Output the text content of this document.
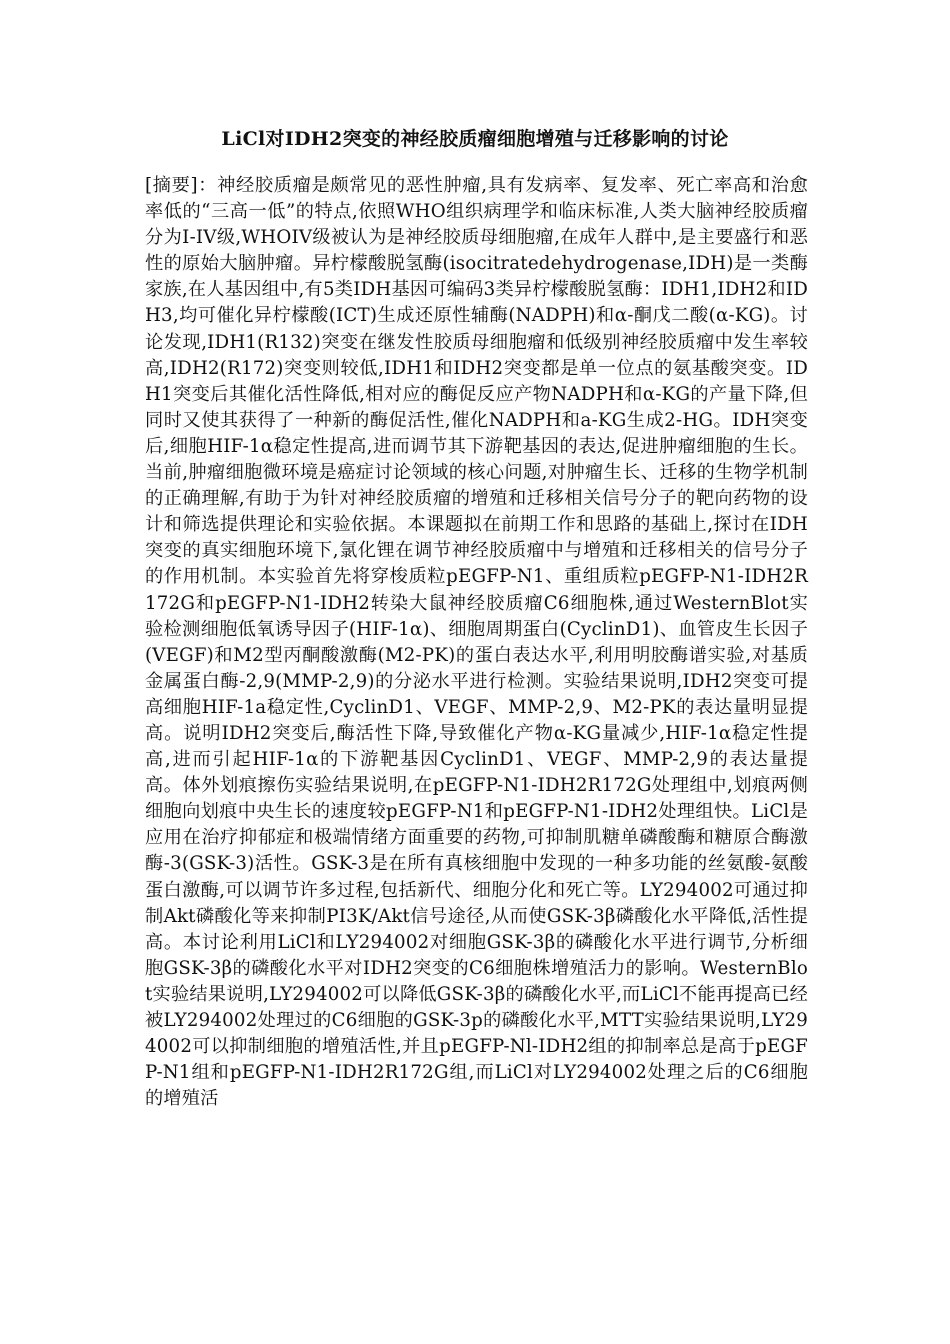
LiCl对IDH2突变的神经胶质瘤细胞增殖与迁移影响的讨论

[摘要]：神经胶质瘤是颇常见的恶性肿瘤,具有发病率、复发率、死亡率高和治愈率低的“三高一低”的特点,依照WHO组织病理学和临床标准,人类大脑神经胶质瘤分为I-IV级,WHOIV级被认为是神经胶质母细胞瘤,在成年人群中,是主要盛行和恶性的原始大脑肿瘤。异柠檬酸脱氢酶(isocitratedehydrogenase,IDH)是一类酶家族,在人基因组中,有5类IDH基因可编码3类异柠檬酸脱氢酶：IDH1,IDH2和IDH3,均可催化异柠檬酸(ICT)生成还原性辅酶(NADPH)和α-酮戊二酸(α-KG)。讨论发现,IDH1(R132)突变在继发性胶质母细胞瘤和低级别神经胶质瘤中发生率较高,IDH2(R172)突变则较低,IDH1和IDH2突变都是单一位点的氨基酸突变。IDH1突变后其催化活性降低,相对应的酶促反应产物NADPH和α-KG的产量下降,但同时又使其获得了一种新的酶促活性,催化NADPH和a-KG生成2-HG。IDH突变后,细胞HIF-1α稳定性提高,进而调节其下游靶基因的表达,促进肿瘤细胞的生长。当前,肿瘤细胞微环境是癌症讨论领域的核心问题,对肿瘤生长、迁移的生物学机制的正确理解,有助于为针对神经胶质瘤的增殖和迁移相关信号分子的靶向药物的设计和筛选提供理论和实验依据。本课题拟在前期工作和思路的基础上,探讨在IDH突变的真实细胞环境下,氯化锂在调节神经胶质瘤中与增殖和迁移相关的信号分子的作用机制。本实验首先将穿梭质粒pEGFP-N1、重组质粒pEGFP-N1-IDH2R172G和pEGFP-N1-IDH2转染大鼠神经胶质瘤C6细胞株,通过WesternBlot实验检测细胞低氧诱导因子(HIF-1α)、细胞周期蛋白(CyclinD1)、血管皮生长因子(VEGF)和M2型丙酮酸激酶(M2-PK)的蛋白表达水平,利用明胶酶谱实验,对基质金属蛋白酶-2,9(MMP-2,9)的分泌水平进行检测。实验结果说明,IDH2突变可提高细胞HIF-1a稳定性,CyclinD1、VEGF、MMP-2,9、M2-PK的表达量明显提高。说明IDH2突变后,酶活性下降,导致催化产物α-KG量减少,HIF-1α稳定性提高,进而引起HIF-1α的下游靶基因CyclinD1、VEGF、MMP-2,9的表达量提高。体外划痕擦伤实验结果说明,在pEGFP-N1-IDH2R172G处理组中,划痕两侧细胞向划痕中央生长的速度较pEGFP-N1和pEGFP-N1-IDH2处理组快。LiCl是应用在治疗抑郁症和极端情绪方面重要的药物,可抑制肌糖单磷酸酶和糖原合酶激酶-3(GSK-3)活性。GSK-3是在所有真核细胞中发现的一种多功能的丝氨酸-氨酸蛋白激酶,可以调节许多过程,包括新代、细胞分化和死亡等。LY294002可通过抑制Akt磷酸化等来抑制PI3K/Akt信号途径,从而使GSK-3β磷酸化水平降低,活性提高。本讨论利用LiCl和LY294002对细胞GSK-3β的磷酸化水平进行调节,分析细胞GSK-3β的磷酸化水平对IDH2突变的C6细胞株增殖活力的影响。WesternBlot实验结果说明,LY294002可以降低GSK-3β的磷酸化水平,而LiCl不能再提高已经被LY294002处理过的C6细胞的GSK-3p的磷酸化水平,MTT实验结果说明,LY294002可以抑制细胞的增殖活性,并且pEGFP-Nl-IDH2组的抑制率总是高于pEGFP-N1组和pEGFP-N1-IDH2R172G组,而LiCl对LY294002处理之后的C6细胞的增殖活
